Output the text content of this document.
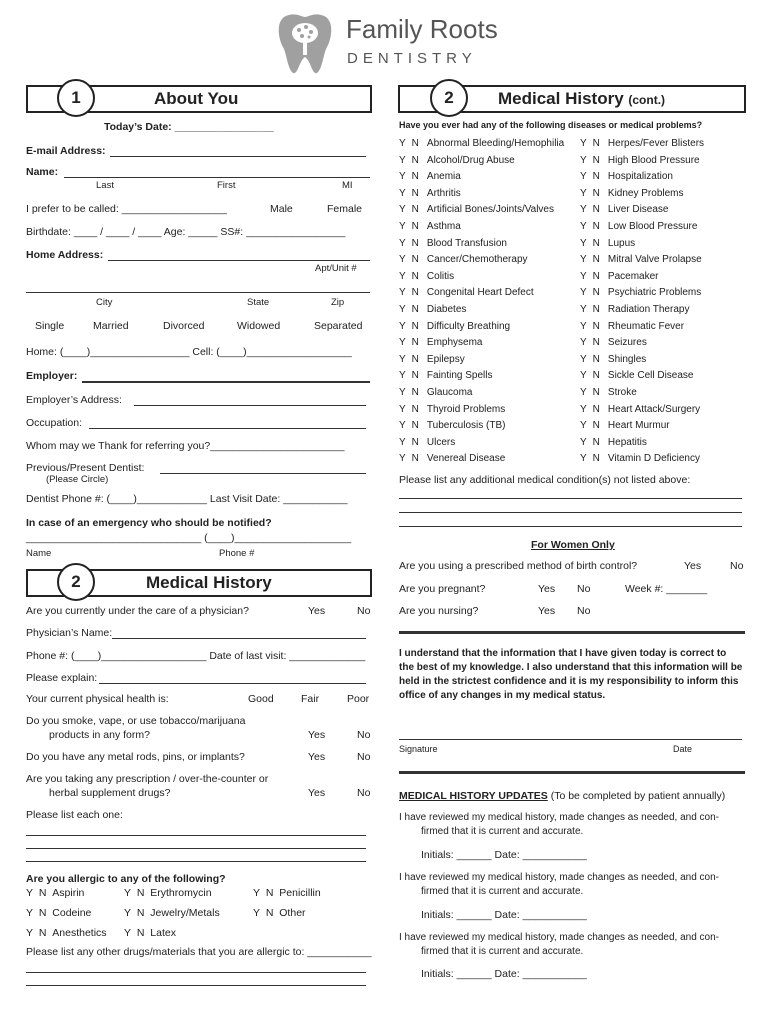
Family Roots
DENTISTRY
1	About You
Today’s Date: _________________
E-mail Address:
Name:
Last	First	MI
I prefer to be called: __________________	Male	Female
Birthdate: ____ / ____ / ____ Age: _____ SS#: _________________
Home Address:
Apt/Unit #
City	State	Zip
Single	Married	Divorced	Widowed	Separated
Home: (____)_________________ Cell: (____)__________________
Employer:
Employer’s Address:
Occupation:
Whom may we Thank for referring you?_______________________
Previous/Present Dentist:
(Please Circle)
Dentist Phone #: (____)____________ Last Visit Date: ___________
In case of an emergency who should be notified?
______________________________ (____)____________________
Name	Phone #
2	Medical History
Are you currently under the care of a physician?	Yes	No
Physician’s Name:
Phone #: (____)__________________ Date of last visit: _____________
Please explain:
Your current physical health is:	Good	Fair	Poor
Do you smoke, vape, or use tobacco/marijuana
products in any form?	Yes	No
Do you have any metal rods, pins, or implants?	Yes	No
Are you taking any prescription / over-the-counter or
herbal supplement drugs?	Yes	No
Please list each one:
Are you allergic to any of the following?
Y  N  Aspirin	Y  N  Erythromycin	Y  N  Penicillin
Y  N  Codeine	Y  N  Jewelry/Metals	Y  N  Other
Y  N  Anesthetics Y  N  Latex
Please list any other drugs/materials that you are allergic to: ___________
2	Medical History (cont.)
Have you ever had any of the following diseases or medical problems?
Y N Abnormal Bleeding/Hemophilia
Y N Alcohol/Drug Abuse
Y N Anemia
Y N Arthritis
Y N Artificial Bones/Joints/Valves
Y N Asthma
Y N Blood Transfusion
Y N Cancer/Chemotherapy
Y N Colitis
Y N Congenital Heart Defect
Y N Diabetes
Y N Difficulty Breathing
Y N Emphysema
Y N Epilepsy
Y N Fainting Spells
Y N Glaucoma
Y N Thyroid Problems
Y N Tuberculosis (TB)
Y N Ulcers
Y N Venereal Disease
Y N Herpes/Fever Blisters
Y N High Blood Pressure
Y N Hospitalization
Y N Kidney Problems
Y N Liver Disease
Y N Low Blood Pressure
Y N Lupus
Y N Mitral Valve Prolapse
Y N Pacemaker
Y N Psychiatric Problems
Y N Radiation Therapy
Y N Rheumatic Fever
Y N Seizures
Y N Shingles
Y N Sickle Cell Disease
Y N Stroke
Y N Heart Attack/Surgery
Y N Heart Murmur
Y N Hepatitis
Y N Vitamin D Deficiency
Please list any additional medical condition(s) not listed above:
For Women Only
Are you using a prescribed method of birth control?	Yes	No
Are you pregnant?	Yes No	Week #: _______
Are you nursing?	Yes No
I understand that the information that I have given today is correct to
the best of my knowledge. I also understand that this information will be
held in the strictest confidence and it is my responsibility to inform this
office of any changes in my medical status.
Signature	Date
MEDICAL HISTORY UPDATES (To be completed by patient annually)
I have reviewed my medical history, made changes as needed, and con-
firmed that it is current and accurate.
Initials: ______ Date: ___________
I have reviewed my medical history, made changes as needed, and con-
firmed that it is current and accurate.
Initials: ______ Date: ___________
I have reviewed my medical history, made changes as needed, and con-
firmed that it is current and accurate.
Initials: ______ Date: ___________
